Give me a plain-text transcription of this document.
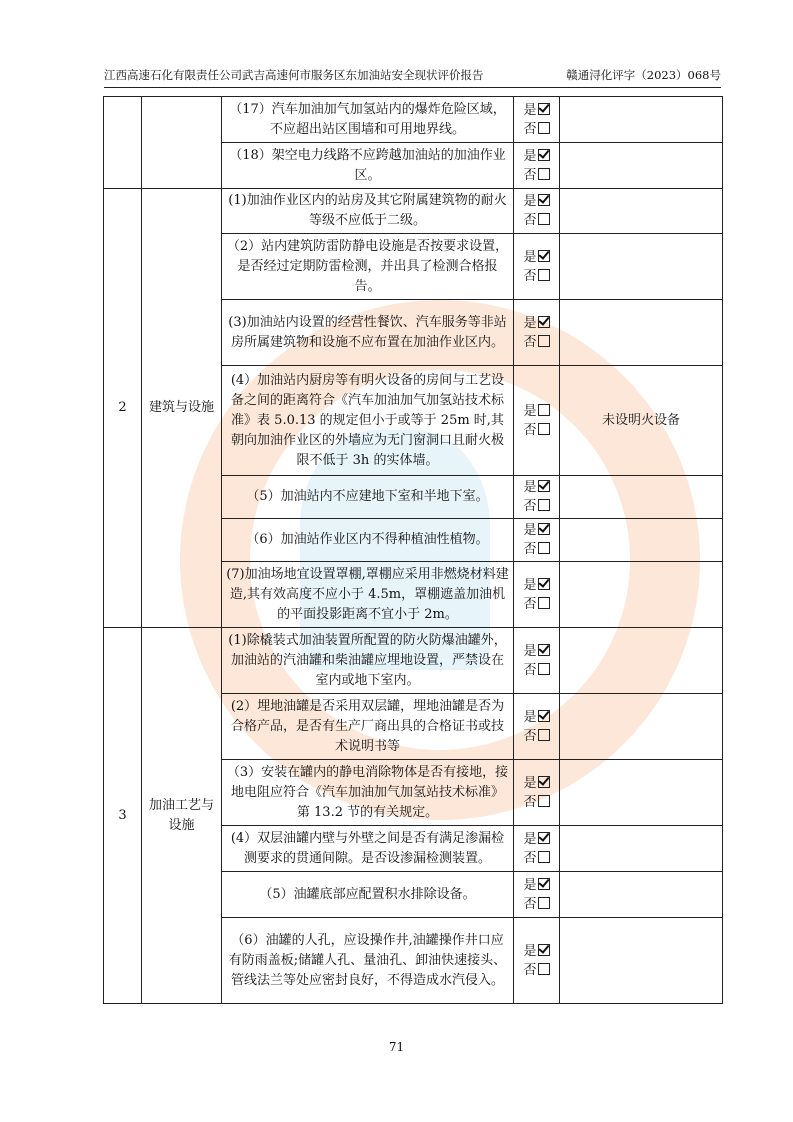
江西高速石化有限责任公司武吉高速何市服务区东加油站安全现状评价报告	赣通浔化评字（2023）068号
		（17）汽车加油加气加氢站内的爆炸危险区域，不应超出站区围墙和可用地界线。	是
否	

		（18）架空电力线路不应跨越加油站的加油作业区。	是
否	

2	建筑与设施	(1)加油作业区内的站房及其它附属建筑物的耐火等级不应低于二级。	是
否	

		（2）站内建筑防雷防静电设施是否按要求设置，是否经过定期防雷检测，并出具了检测合格报告。	是
否	

		(3)加油站内设置的经营性餐饮、汽车服务等非站房所属建筑物和设施不应布置在加油作业区内。	是
否	

		(4）加油站内厨房等有明火设备的房间与工艺设备之间的距离符合《汽车加油加气加氢站技术标准》表 5.0.13 的规定但小于或等于 25m 时,其朝向加油作业区的外墙应为无门窗洞口且耐火极限不低于 3h 的实体墙。	是
否	未设明火设备
		（5）加油站内不应建地下室和半地下室。	是
否	

		（6）加油站作业区内不得种植油性植物。	是
否	

		(7)加油场地宜设置罩棚,罩棚应采用非燃烧材料建造,其有效高度不应小于 4.5m，罩棚遮盖加油机的平面投影距离不宜小于 2m。	是
否	

3	加油工艺与设施	(1)除橇装式加油装置所配置的防火防爆油罐外，加油站的汽油罐和柴油罐应埋地设置，严禁设在室内或地下室内。	是
否	

		(2）埋地油罐是否采用双层罐，埋地油罐是否为合格产品，是否有生产厂商出具的合格证书或技术说明书等	是
否	

		（3）安装在罐内的静电消除物体是否有接地，接地电阻应符合《汽车加油加气加氢站技术标准》第 13.2 节的有关规定。	是
否	

		(4）双层油罐内壁与外壁之间是否有满足渗漏检测要求的贯通间隙。是否设渗漏检测装置。	是
否	

		（5）油罐底部应配置积水排除设备。	是
否	

		（6）油罐的人孔，应设操作井,油罐操作井口应有防雨盖板;储罐人孔、量油孔、卸油快速接头、管线法兰等处应密封良好，不得造成水汽侵入。	是
否	

71
